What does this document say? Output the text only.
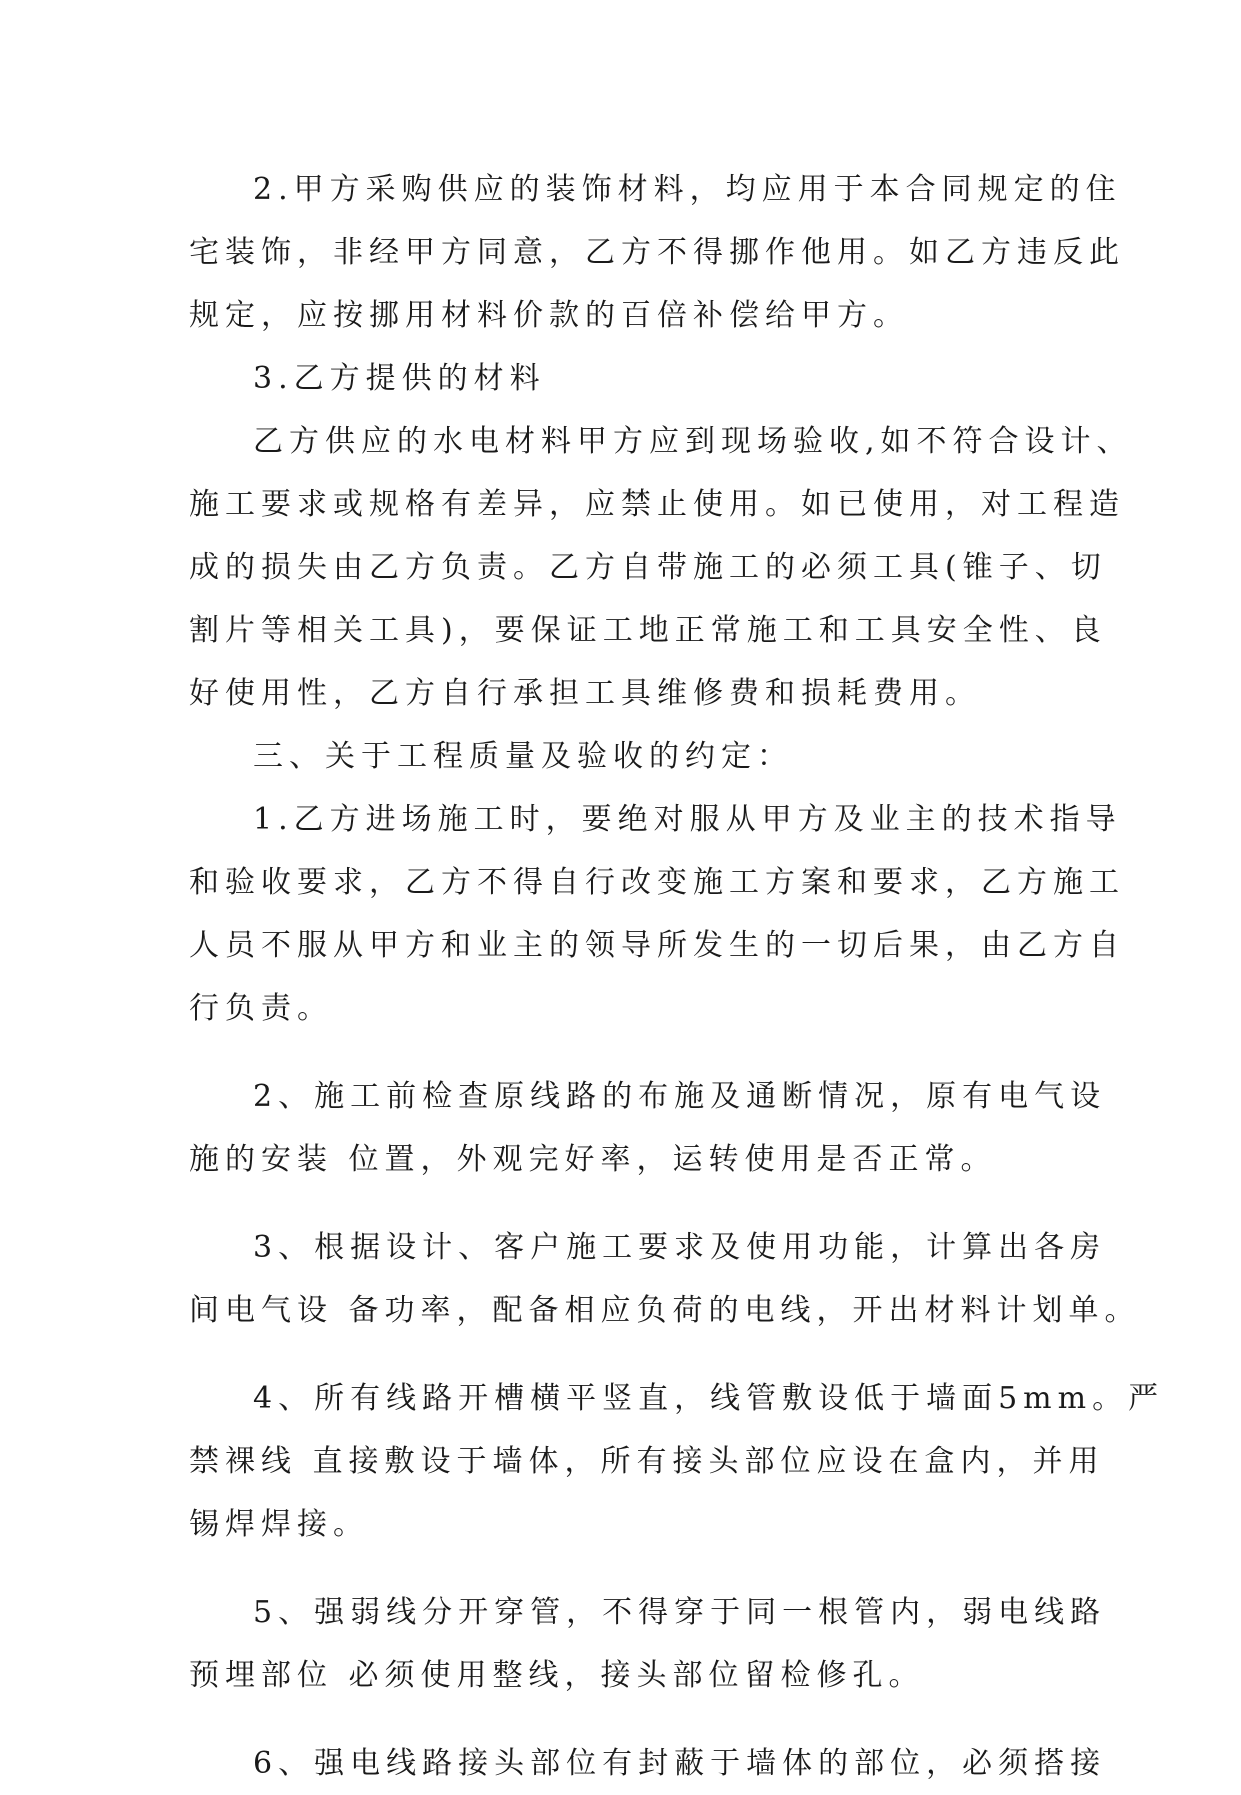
2.甲方采购供应的装饰材料，均应用于本合同规定的住
宅装饰，非经甲方同意，乙方不得挪作他用。如乙方违反此
规定，应按挪用材料价款的百倍补偿给甲方。
3.乙方提供的材料
乙方供应的水电材料甲方应到现场验收,如不符合设计、
施工要求或规格有差异，应禁止使用。如已使用，对工程造
成的损失由乙方负责。乙方自带施工的必须工具(锥子、切
割片等相关工具)，要保证工地正常施工和工具安全性、良
好使用性，乙方自行承担工具维修费和损耗费用。
三、关于工程质量及验收的约定：
1.乙方进场施工时，要绝对服从甲方及业主的技术指导
和验收要求，乙方不得自行改变施工方案和要求，乙方施工
人员不服从甲方和业主的领导所发生的一切后果，由乙方自
行负责。
2、施工前检查原线路的布施及通断情况，原有电气设
施的安装 位置，外观完好率，运转使用是否正常。
3、根据设计、客户施工要求及使用功能，计算出各房
间电气设 备功率，配备相应负荷的电线，开出材料计划单。
4、所有线路开槽横平竖直，线管敷设低于墙面5mm。严
禁裸线 直接敷设于墙体，所有接头部位应设在盒内，并用
锡焊焊接。
5、强弱线分开穿管，不得穿于同一根管内，弱电线路
预埋部位 必须使用整线，接头部位留检修孔。
6、强电线路接头部位有封蔽于墙体的部位，必须搭接
